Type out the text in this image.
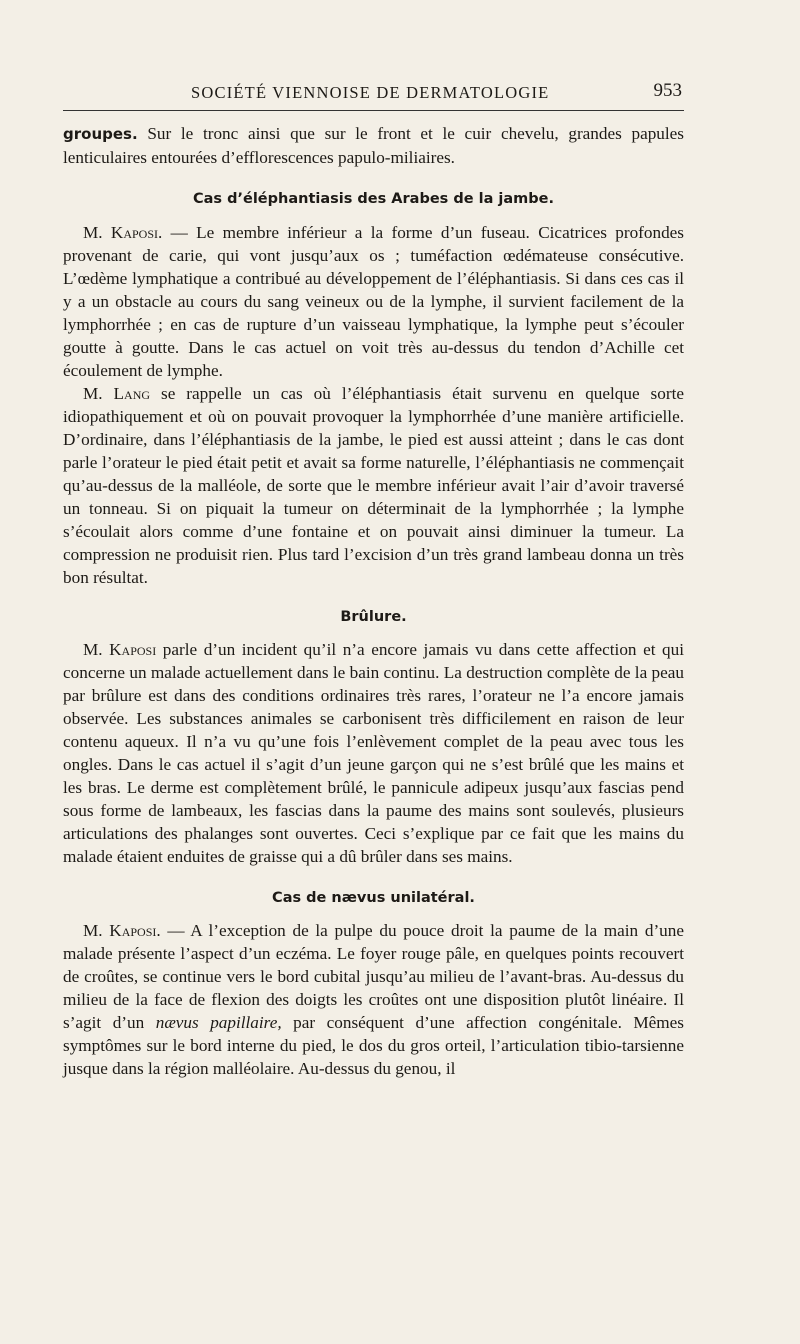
SOCIÉTÉ VIENNOISE DE DERMATOLOGIE	953

groupes. Sur le tronc ainsi que sur le front et le cuir chevelu, grandes papules lenticulaires entourées d’efflorescences papulo-miliaires.

Cas d’éléphantiasis des Arabes de la jambe.

M. Kaposi. — Le membre inférieur a la forme d’un fuseau. Cicatrices profondes provenant de carie, qui vont jusqu’aux os ; tuméfaction œdémateuse consécutive. L’œdème lymphatique a contribué au développement de l’éléphantiasis. Si dans ces cas il y a un obstacle au cours du sang veineux ou de la lymphe, il survient facilement de la lymphorrhée ; en cas de rupture d’un vaisseau lymphatique, la lymphe peut s’écouler goutte à goutte. Dans le cas actuel on voit très au-dessus du tendon d’Achille cet écoulement de lymphe.

M. Lang se rappelle un cas où l’éléphantiasis était survenu en quelque sorte idiopathiquement et où on pouvait provoquer la lymphorrhée d’une manière artificielle. D’ordinaire, dans l’éléphantiasis de la jambe, le pied est aussi atteint ; dans le cas dont parle l’orateur le pied était petit et avait sa forme naturelle, l’éléphantiasis ne commençait qu’au-dessus de la malléole, de sorte que le membre inférieur avait l’air d’avoir traversé un tonneau. Si on piquait la tumeur on déterminait de la lymphorrhée ; la lymphe s’écoulait alors comme d’une fontaine et on pouvait ainsi diminuer la tumeur. La compression ne produisit rien. Plus tard l’excision d’un très grand lambeau donna un très bon résultat.

Brûlure.

M. Kaposi parle d’un incident qu’il n’a encore jamais vu dans cette affection et qui concerne un malade actuellement dans le bain continu. La destruction complète de la peau par brûlure est dans des conditions ordinaires très rares, l’orateur ne l’a encore jamais observée. Les substances animales se carbonisent très difficilement en raison de leur contenu aqueux. Il n’a vu qu’une fois l’enlèvement complet de la peau avec tous les ongles. Dans le cas actuel il s’agit d’un jeune garçon qui ne s’est brûlé que les mains et les bras. Le derme est complètement brûlé, le pannicule adipeux jusqu’aux fascias pend sous forme de lambeaux, les fascias dans la paume des mains sont soulevés, plusieurs articulations des phalanges sont ouvertes. Ceci s’explique par ce fait que les mains du malade étaient enduites de graisse qui a dû brûler dans ses mains.

Cas de nævus unilatéral.

M. Kaposi. — A l’exception de la pulpe du pouce droit la paume de la main d’une malade présente l’aspect d’un eczéma. Le foyer rouge pâle, en quelques points recouvert de croûtes, se continue vers le bord cubital jusqu’au milieu de l’avant-bras. Au-dessus du milieu de la face de flexion des doigts les croûtes ont une disposition plutôt linéaire. Il s’agit d’un nævus papillaire, par conséquent d’une affection congénitale. Mêmes symptômes sur le bord interne du pied, le dos du gros orteil, l’articulation tibio-tarsienne jusque dans la région malléolaire. Au-dessus du genou, il
